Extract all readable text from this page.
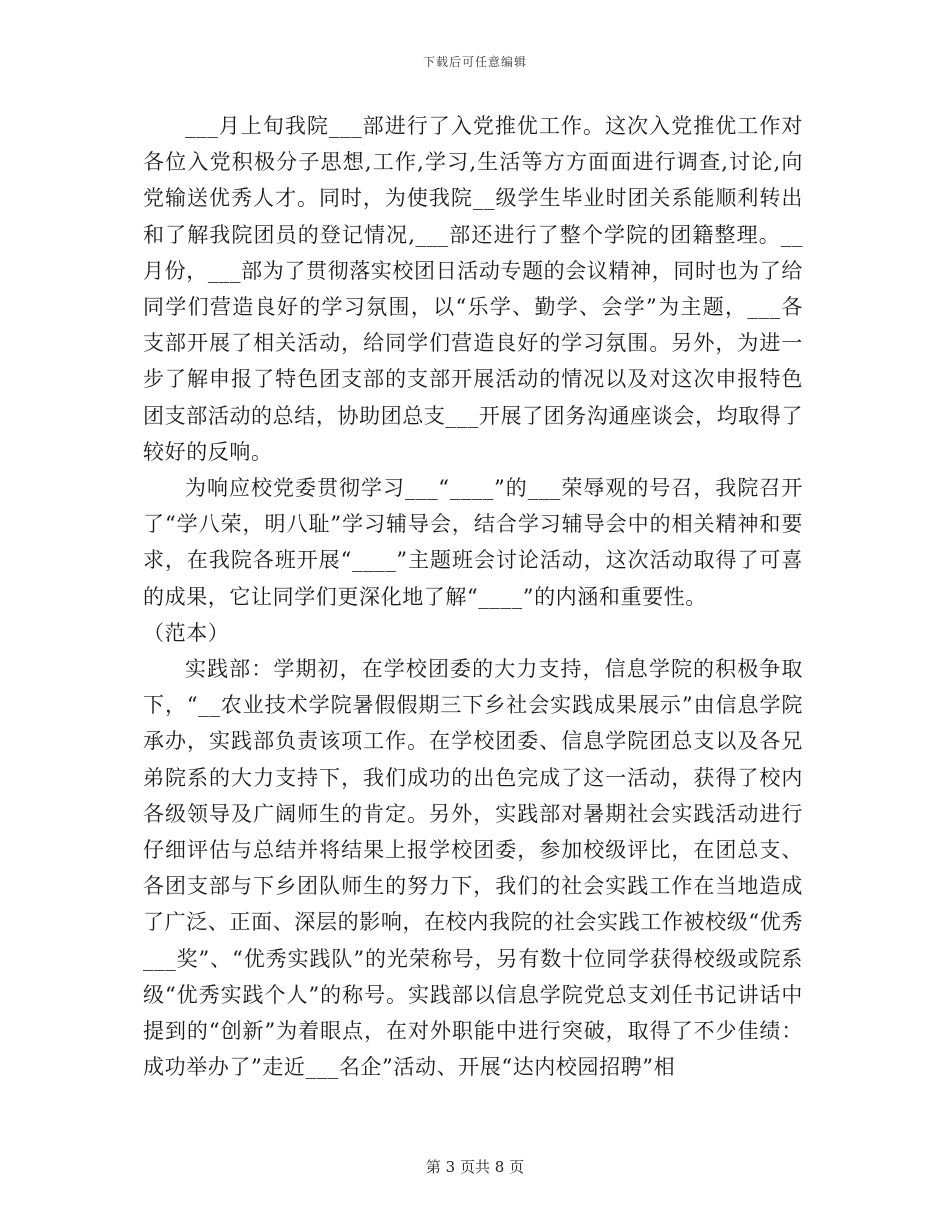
下载后可任意编辑

___月上旬我院___部进行了入党推优工作。这次入党推优工作对各位入党积极分子思想,工作,学习,生活等方方面面进行调查,讨论,向党输送优秀人才。同时，为使我院__级学生毕业时团关系能顺利转出和了解我院团员的登记情况,___部还进行了整个学院的团籍整理。__月份，___部为了贯彻落实校团日活动专题的会议精神，同时也为了给同学们营造良好的学习氛围，以“乐学、勤学、会学”为主题，___各支部开展了相关活动，给同学们营造良好的学习氛围。另外，为进一步了解申报了特色团支部的支部开展活动的情况以及对这次申报特色团支部活动的总结，协助团总支___开展了团务沟通座谈会，均取得了较好的反响。

为响应校党委贯彻学习___“____”的___荣辱观的号召，我院召开了“学八荣，明八耻”学习辅导会，结合学习辅导会中的相关精神和要求，在我院各班开展“____”主题班会讨论活动，这次活动取得了可喜的成果，它让同学们更深化地了解“____”的内涵和重要性。

（范本）

实践部：学期初，在学校团委的大力支持，信息学院的积极争取下，“__农业技术学院暑假假期三下乡社会实践成果展示”由信息学院承办，实践部负责该项工作。在学校团委、信息学院团总支以及各兄弟院系的大力支持下，我们成功的出色完成了这一活动，获得了校内各级领导及广阔师生的肯定。另外，实践部对暑期社会实践活动进行仔细评估与总结并将结果上报学校团委，参加校级评比，在团总支、各团支部与下乡团队师生的努力下，我们的社会实践工作在当地造成了广泛、正面、深层的影响，在校内我院的社会实践工作被校级“优秀___奖”、“优秀实践队”的光荣称号，另有数十位同学获得校级或院系级“优秀实践个人”的称号。实践部以信息学院党总支刘任书记讲话中提到的“创新”为着眼点，在对外职能中进行突破，取得了不少佳绩：成功举办了”走近___名企”活动、开展“达内校园招聘”相

第 3 页共 8 页
